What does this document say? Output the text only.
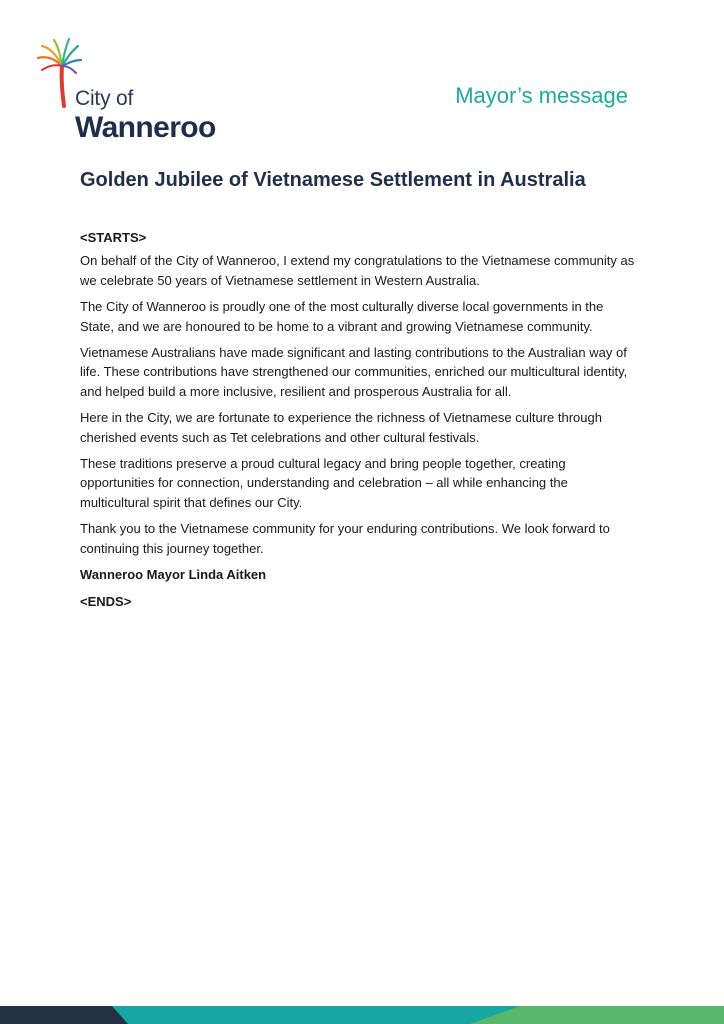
City of
Wanneroo
Mayor’s message
Golden Jubilee of Vietnamese Settlement in Australia

<STARTS>

On behalf of the City of Wanneroo, I extend my congratulations to the Vietnamese community as we celebrate 50 years of Vietnamese settlement in Western Australia.

The City of Wanneroo is proudly one of the most culturally diverse local governments in the State, and we are honoured to be home to a vibrant and growing Vietnamese community.

Vietnamese Australians have made significant and lasting contributions to the Australian way of life. These contributions have strengthened our communities, enriched our multicultural identity, and helped build a more inclusive, resilient and prosperous Australia for all.

Here in the City, we are fortunate to experience the richness of Vietnamese culture through cherished events such as Tet celebrations and other cultural festivals.

These traditions preserve a proud cultural legacy and bring people together, creating opportunities for connection, understanding and celebration – all while enhancing the multicultural spirit that defines our City.

Thank you to the Vietnamese community for your enduring contributions. We look forward to continuing this journey together.

Wanneroo Mayor Linda Aitken

<ENDS>
